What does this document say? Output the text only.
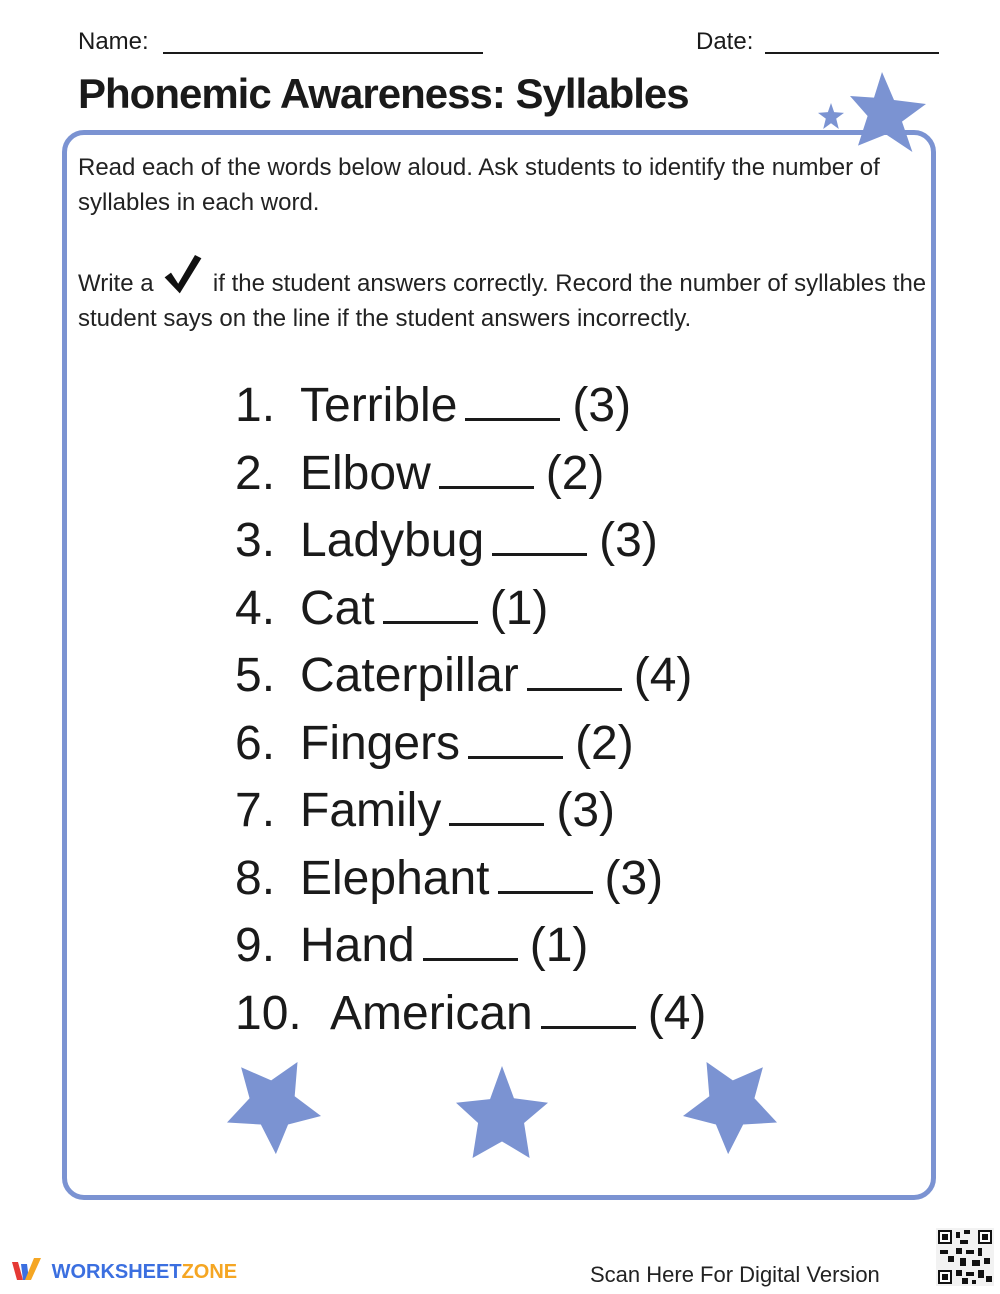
Name:	Date:
Phonemic Awareness: Syllables
Read each of the words below aloud. Ask students to identify the number of syllables in each word.
Write a if the student answers correctly. Record the number of syllables the student says on the line if the student answers incorrectly.
1. Terrible (3)
2. Elbow (2)
3. Ladybug (3)
4. Cat (1)
5. Caterpillar (4)
6. Fingers (2)
7. Family (3)
8. Elephant (3)
9. Hand (1)
10. American (4)
WORKSHEETZONE	Scan Here For Digital Version
